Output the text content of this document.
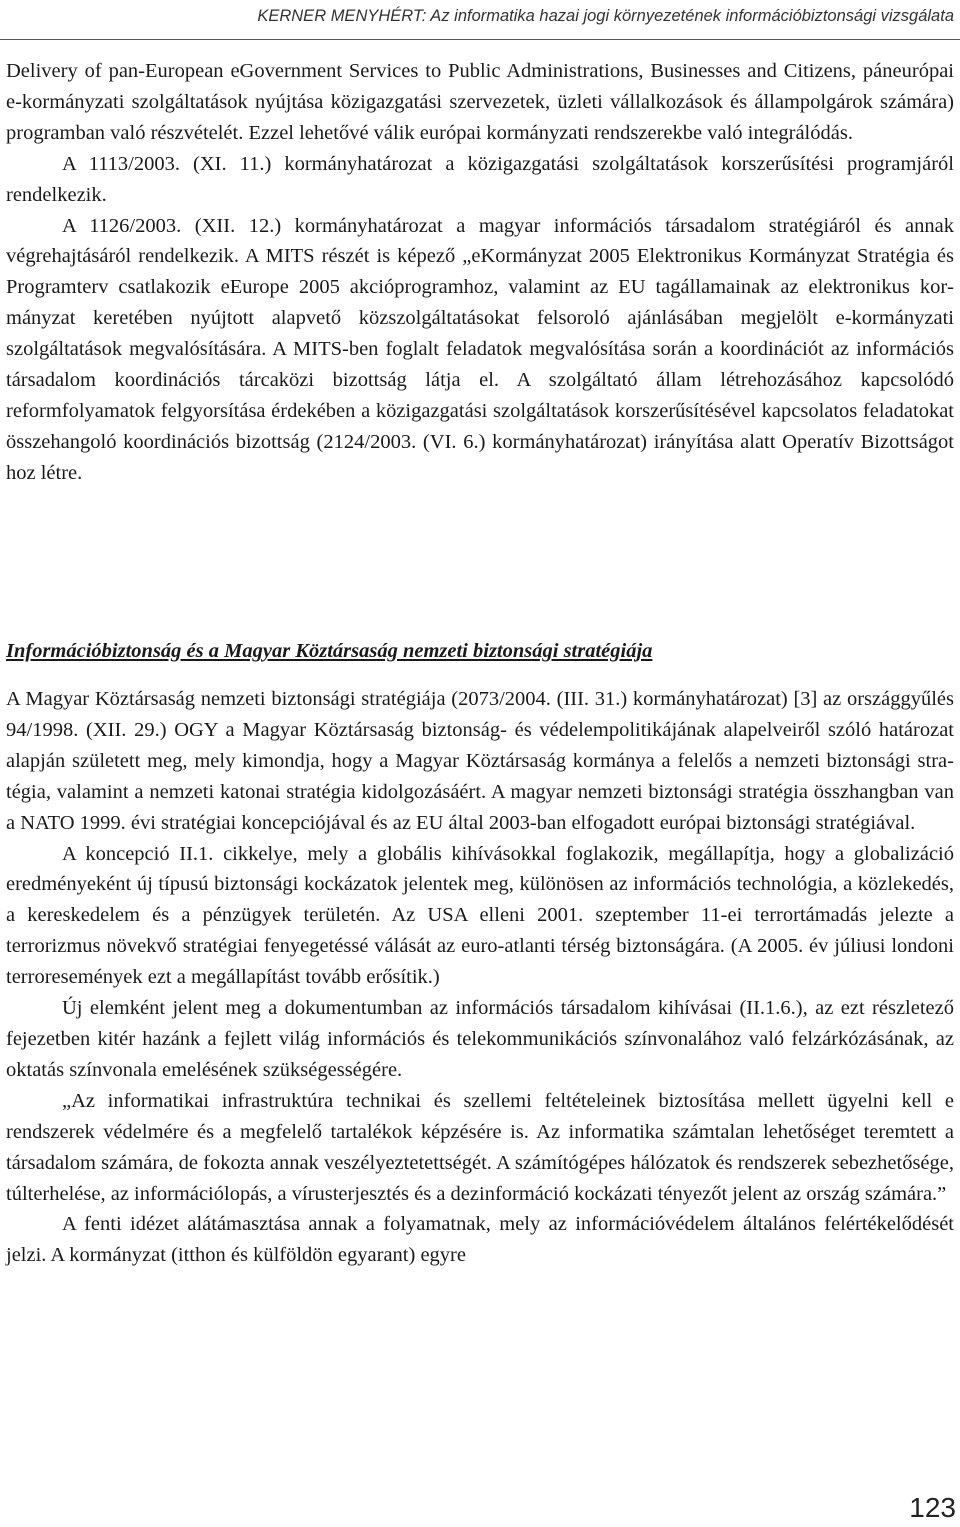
KERNER MENYHÉRT: Az informatika hazai jogi környezetének információbiztonsági vizsgálata

Delivery of pan-European eGovernment Services to Public Administrations, Businesses and Citizens, páneurópai e-kormányzati szolgáltatások nyújtása közigazgatási szervezetek, üzleti vállalkozások és állampolgárok számára) programban való részvételét. Ezzel lehetővé válik európai kormányzati rendszerekbe való integrálódás.

A 1113/2003. (XI. 11.) kormányhatározat a közigazgatási szolgáltatások korszerűsítési programjáról rendelkezik.

A 1126/2003. (XII. 12.) kormányhatározat a magyar információs társadalom stratégiáról és annak végrehajtásáról rendelkezik. A MITS részét is képező „eKormányzat 2005 Elektronikus Kormányzat Stratégia és Programterv csatlakozik eEurope 2005 akcióprogramhoz, valamint az EU tagállamainak az elektronikus kormányzat keretében nyújtott alapvető közszolgáltatásokat felsoroló ajánlásában megjelölt e-kormányzati szolgáltatások megvalósítására. A MITS-ben foglalt feladatok megvalósítása során a koordinációt az információs társadalom koordinációs tárcaközi bizottság látja el. A szolgáltató állam létrehozásához kapcsolódó reformfolyamatok felgyorsítása érdekében a közigazgatási szolgáltatások korszerűsítésével kapcsolatos feladatokat összehangoló koordinációs bizottság (2124/2003. (VI. 6.) kormányhatározat) irányítása alatt Operatív Bizottságot hoz létre.

Információbiztonság és a Magyar Köztársaság nemzeti biztonsági stratégiája

A Magyar Köztársaság nemzeti biztonsági stratégiája (2073/2004. (III. 31.) kormányhatározat) [3] az országgyűlés 94/1998. (XII. 29.) OGY a Magyar Köztársaság biztonság- és védelempolitikájának alapelveiről szóló határozat alapján született meg, mely kimondja, hogy a Magyar Köztársaság kormánya a felelős a nemzeti biztonsági stratégia, valamint a nemzeti katonai stratégia kidolgozásáért. A magyar nemzeti biztonsági stratégia összhangban van a NATO 1999. évi stratégiai koncepciójával és az EU által 2003-ban elfogadott európai biztonsági stratégiával.

A koncepció II.1. cikkelye, mely a globális kihívásokkal foglakozik, megállapítja, hogy a globalizáció eredményeként új típusú biztonsági kockázatok jelentek meg, különösen az információs technológia, a közlekedés, a kereskedelem és a pénzügyek területén. Az USA elleni 2001. szeptember 11-ei terrortámadás jelezte a terrorizmus növekvő stratégiai fenyegetéssé válását az euro-atlanti térség biztonságára. (A 2005. év júliusi londoni terroresemények ezt a megállapítást tovább erősítik.)

Új elemként jelent meg a dokumentumban az információs társadalom kihívásai (II.1.6.), az ezt részletező fejezetben kitér hazánk a fejlett világ információs és telekommunikációs színvonalához való felzárkózásának, az oktatás színvonala emelésének szükségességére.

„Az informatikai infrastruktúra technikai és szellemi feltételeinek biztosítása mellett ügyelni kell e rendszerek védelmére és a megfelelő tartalékok képzésére is. Az informatika számtalan lehetőséget teremtett a társadalom számára, de fokozta annak veszélyeztetettségét. A számítógépes hálózatok és rendszerek sebezhetősége, túlterhelése, az információlopás, a vírusterjesztés és a dezinformáció kockázati tényezőt jelent az ország számára.”

A fenti idézet alátámasztása annak a folyamatnak, mely az információvédelem általános felértékelődését jelzi. A kormányzat (itthon és külföldön egyarant) egyre

123
